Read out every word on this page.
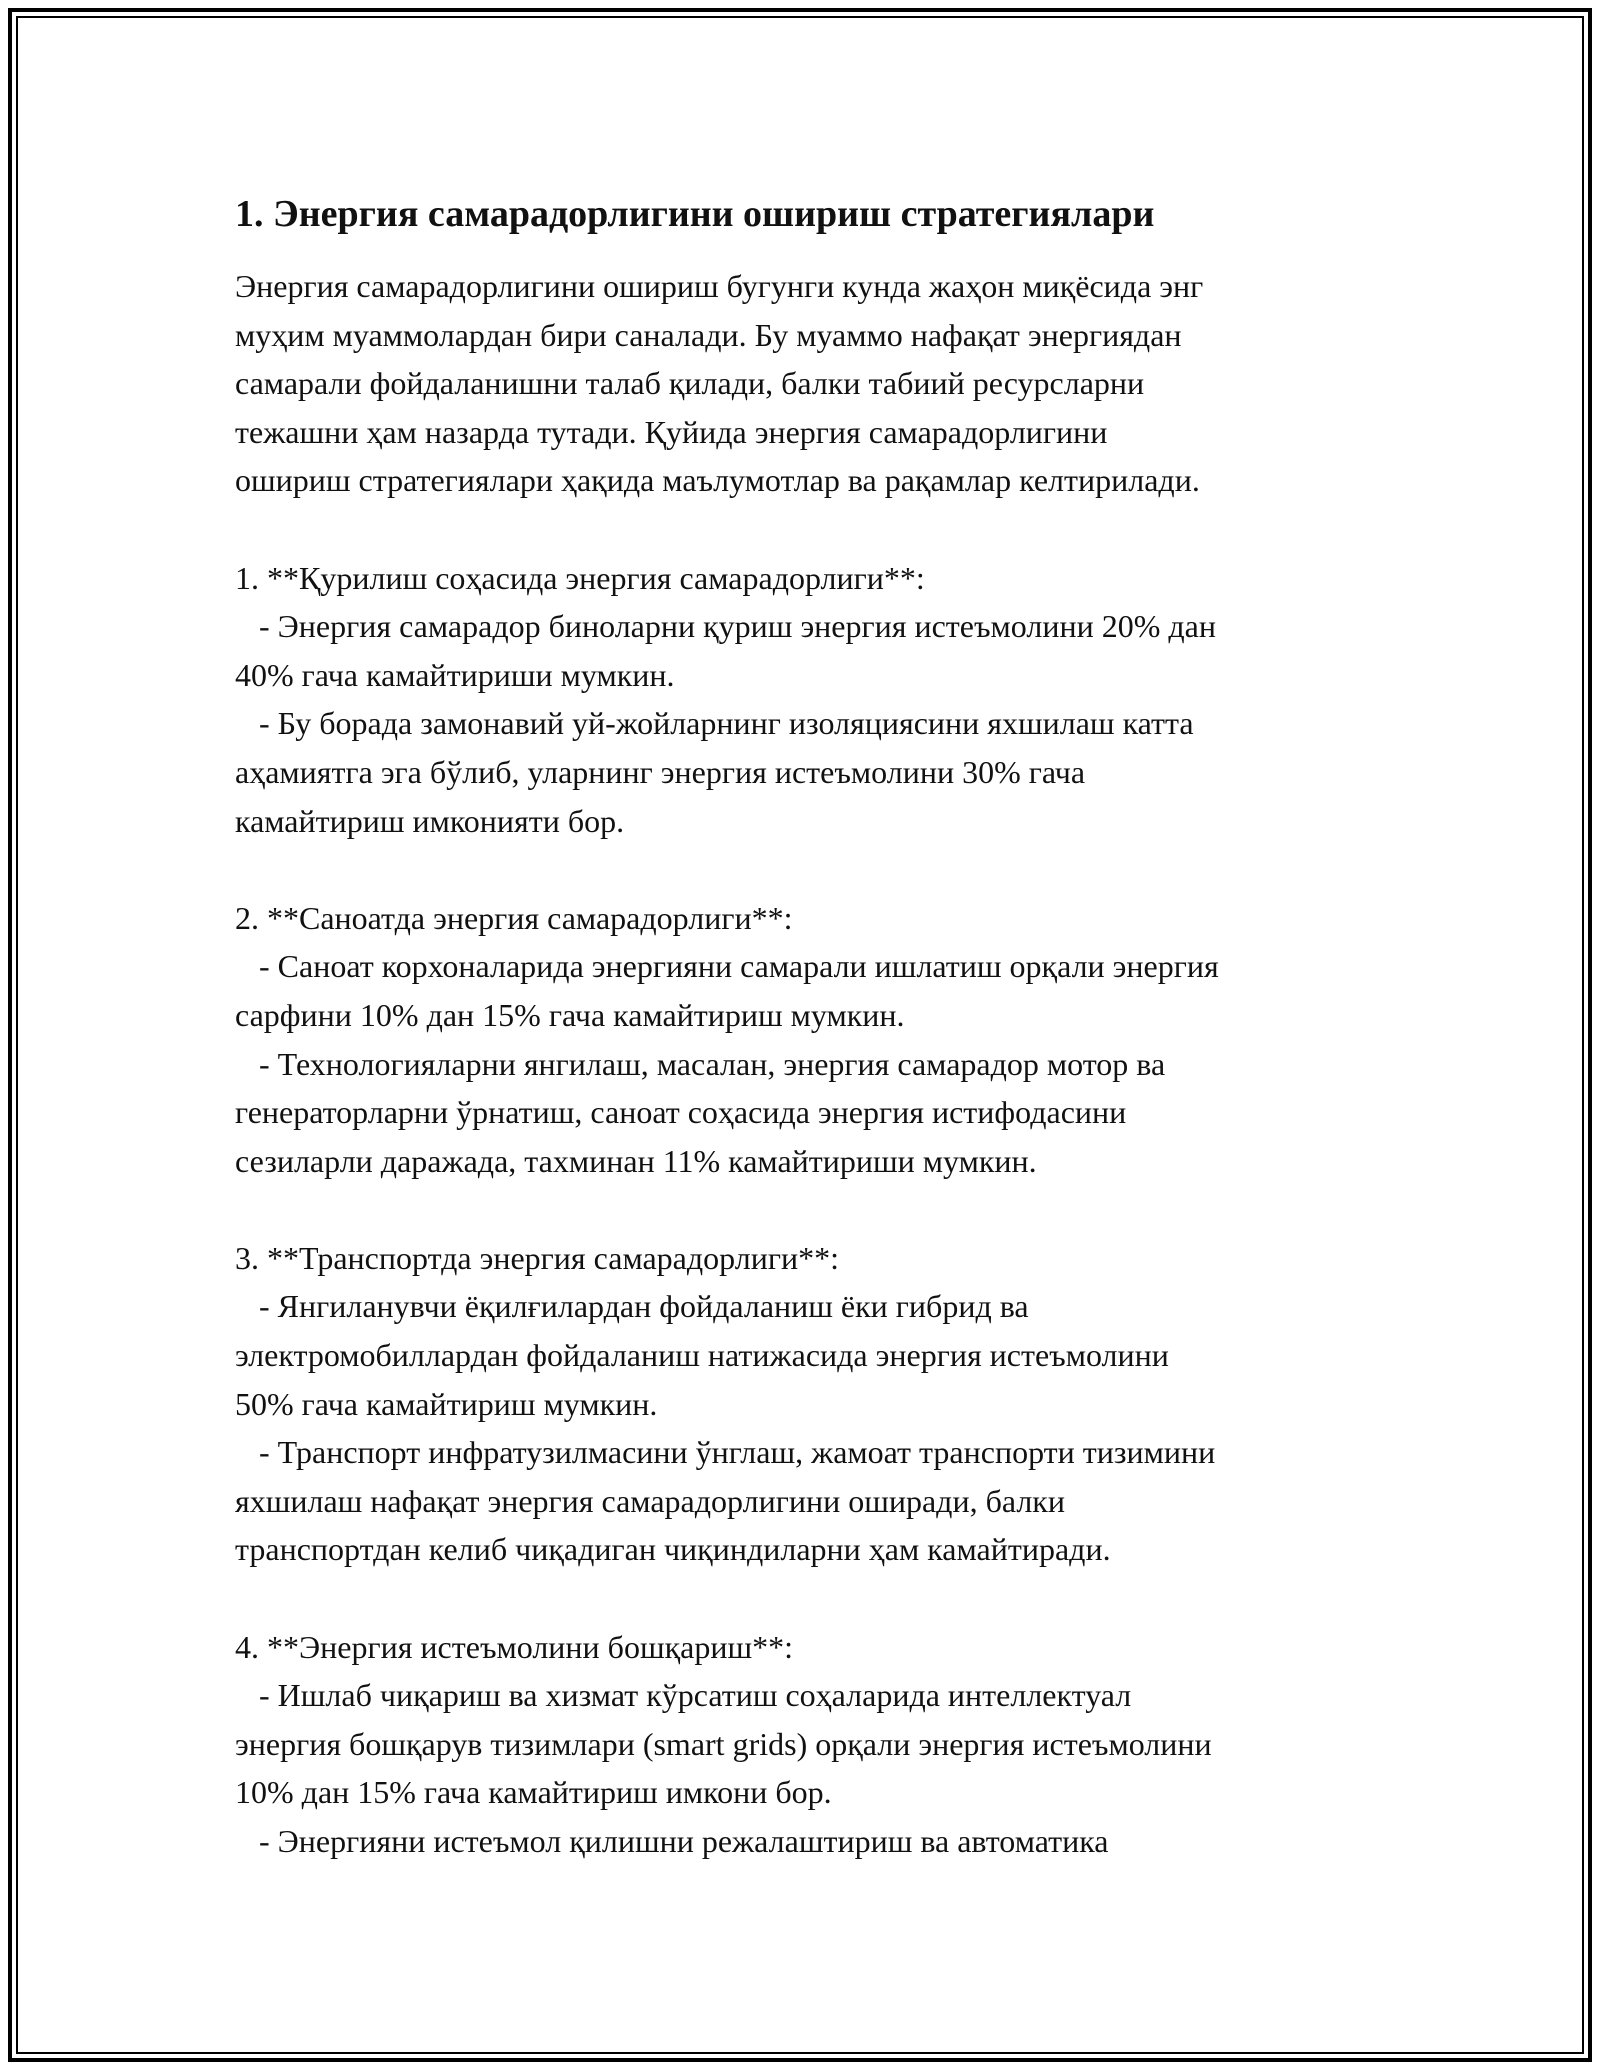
1. Энергия самарадорлигини ошириш стратегиялари
Энергия самарадорлигини ошириш бугунги кунда жаҳон миқёсида энг
муҳим муаммолардан бири саналади. Бу муаммо нафақат энергиядан
самарали фойдаланишни талаб қилади, балки табиий ресурсларни
тежашни ҳам назарда тутади. Қуйида энергия самарадорлигини
ошириш стратегиялари ҳақида маълумотлар ва рақамлар келтирилади.

1. **Қурилиш соҳасида энергия самарадорлиги**:
- Энергия самарадор биноларни қуриш энергия истеъмолини 20% дан
40% гача камайтириши мумкин.
- Бу борада замонавий уй-жойларнинг изоляциясини яхшилаш катта
аҳамиятга эга бўлиб, уларнинг энергия истеъмолини 30% гача
камайтириш имконияти бор.

2. **Саноатда энергия самарадорлиги**:
- Саноат корхоналарида энергияни самарали ишлатиш орқали энергия
сарфини 10% дан 15% гача камайтириш мумкин.
- Технологияларни янгилаш, масалан, энергия самарадор мотор ва
генераторларни ўрнатиш, саноат соҳасида энергия истифодасини
сезиларли даражада, тахминан 11% камайтириши мумкин.

3. **Транспортда энергия самарадорлиги**:
- Янгиланувчи ёқилғилардан фойдаланиш ёки гибрид ва
электромобиллардан фойдаланиш натижасида энергия истеъмолини
50% гача камайтириш мумкин.
- Транспорт инфратузилмасини ўнглаш, жамоат транспорти тизимини
яхшилаш нафақат энергия самарадорлигини оширади, балки
транспортдан келиб чиқадиган чиқиндиларни ҳам камайтиради.

4. **Энергия истеъмолини бошқариш**:
- Ишлаб чиқариш ва хизмат кўрсатиш соҳаларида интеллектуал
энергия бошқарув тизимлари (smart grids) орқали энергия истеъмолини
10% дан 15% гача камайтириш имкони бор.
- Энергияни истеъмол қилишни режалаштириш ва автоматика
